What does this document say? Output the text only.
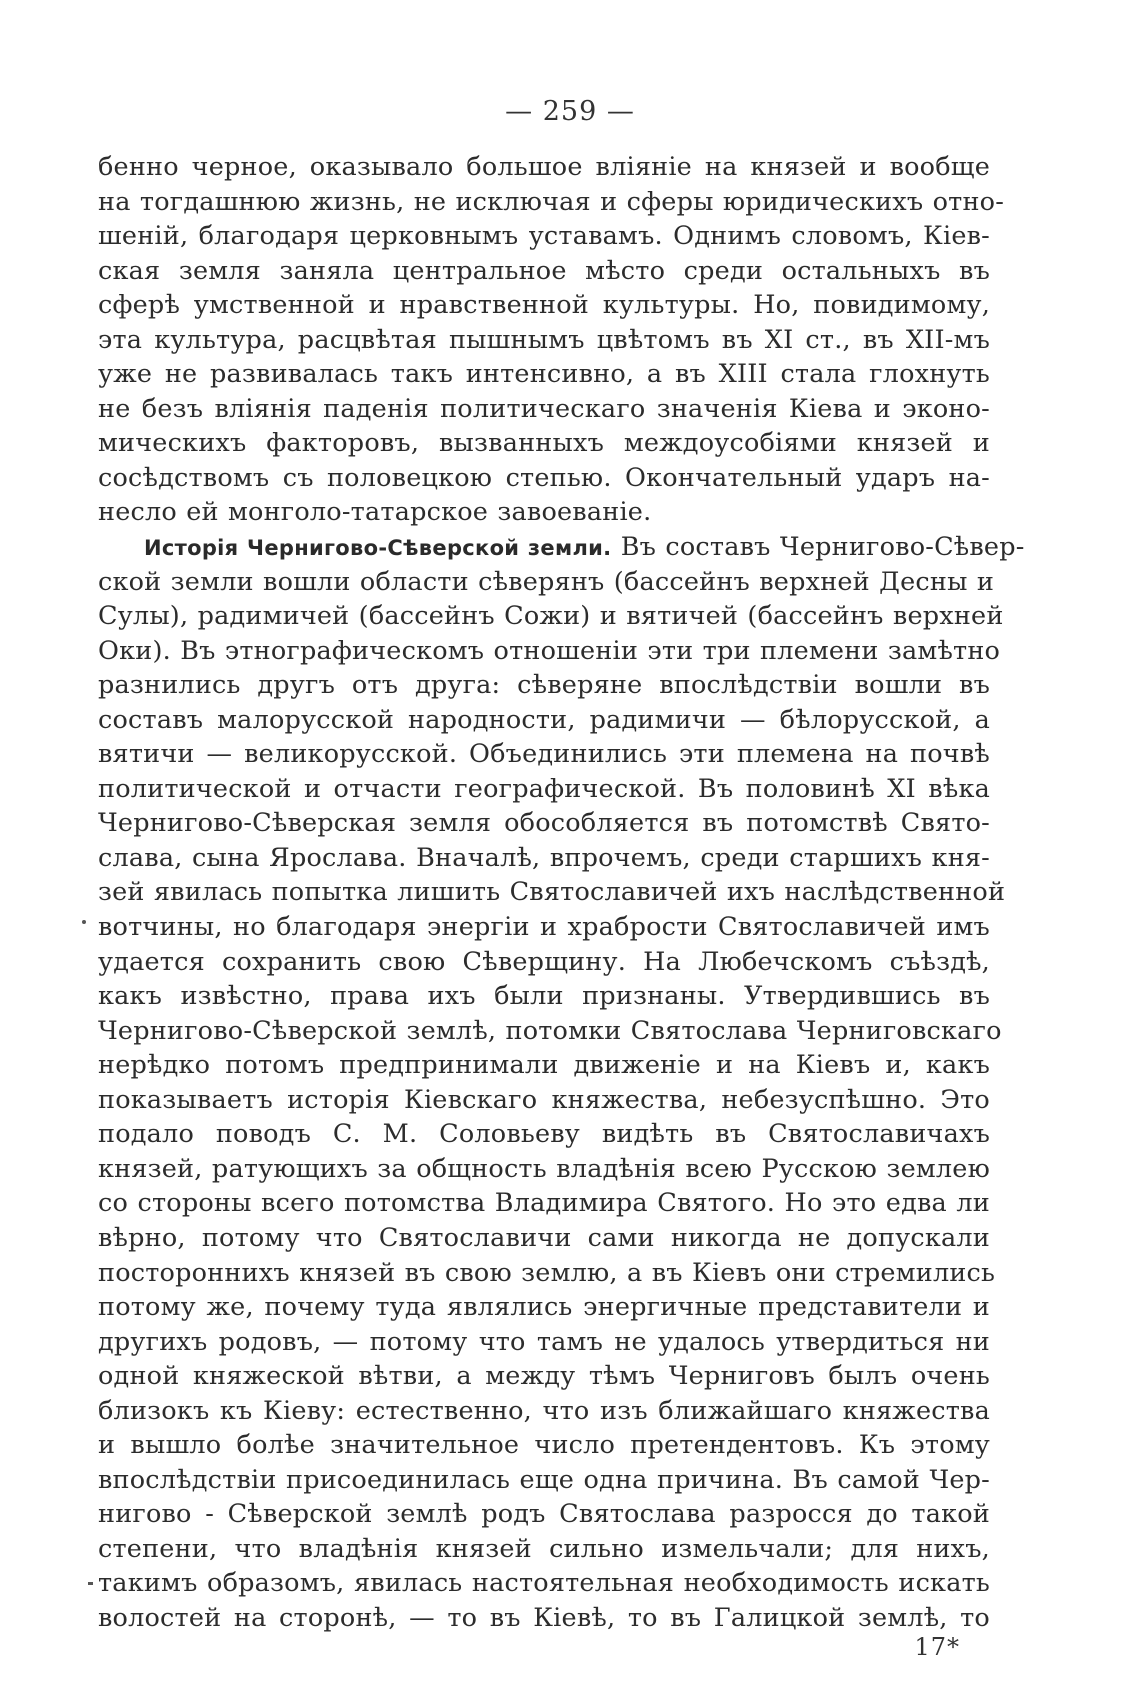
— 259 —
бенно черное, оказывало большое вліяніе на князей и вообще
на тогдашнюю жизнь, не исключая и сферы юридическихъ отно-
шеній, благодаря церковнымъ уставамъ. Однимъ словомъ, Кіев-
ская земля заняла центральное мѣсто среди остальныхъ въ
сферѣ умственной и нравственной культуры. Но, повидимому,
эта культура, расцвѣтая пышнымъ цвѣтомъ въ XI ст., въ XII-мъ
уже не развивалась такъ интенсивно, а въ XIII стала глохнуть
не безъ вліянія паденія политическаго значенія Кіева и эконо-
мическихъ факторовъ, вызванныхъ междоусобіями князей и
сосѣдствомъ съ половецкою степью. Окончательный ударъ на-
несло ей монголо-татарское завоеваніе.
Исторія Чернигово-Сѣверской земли. Въ составъ Чернигово-Сѣвер-
ской земли вошли области сѣверянъ (бассейнъ верхней Десны и
Сулы), радимичей (бассейнъ Сожи) и вятичей (бассейнъ верхней
Оки). Въ этнографическомъ отношеніи эти три племени замѣтно
разнились другъ отъ друга: сѣверяне впослѣдствіи вошли въ
составъ малорусской народности, радимичи — бѣлорусской, а
вятичи — великорусской. Объединились эти племена на почвѣ
политической и отчасти географической. Въ половинѣ XI вѣка
Чернигово-Сѣверская земля обособляется въ потомствѣ Свято-
слава, сына Ярослава. Вначалѣ, впрочемъ, среди старшихъ кня-
зей явилась попытка лишить Святославичей ихъ наслѣдственной
вотчины, но благодаря энергіи и храбрости Святославичей имъ
удается сохранить свою Сѣверщину. На Любечскомъ съѣздѣ,
какъ извѣстно, права ихъ были признаны. Утвердившись въ
Чернигово-Сѣверской землѣ, потомки Святослава Черниговскаго
нерѣдко потомъ предпринимали движеніе и на Кіевъ и, какъ
показываетъ исторія Кіевскаго княжества, небезуспѣшно. Это
подало поводъ С. М. Соловьеву видѣть въ Святославичахъ
князей, ратующихъ за общность владѣнія всею Русскою землею
со стороны всего потомства Владимира Святого. Но это едва ли
вѣрно, потому что Святославичи сами никогда не допускали
постороннихъ князей въ свою землю, а въ Кіевъ они стремились
потому же, почему туда являлись энергичные представители и
другихъ родовъ, — потому что тамъ не удалось утвердиться ни
одной княжеской вѣтви, а между тѣмъ Черниговъ былъ очень
близокъ къ Кіеву: естественно, что изъ ближайшаго княжества
и вышло болѣе значительное число претендентовъ. Къ этому
впослѣдствіи присоединилась еще одна причина. Въ самой Чер-
нигово - Сѣверской землѣ родъ Святослава разросся до такой
степени, что владѣнія князей сильно измельчали; для нихъ,
такимъ образомъ, явилась настоятельная необходимость искать
волостей на сторонѣ, — то въ Кіевѣ, то въ Галицкой землѣ, то
17*
